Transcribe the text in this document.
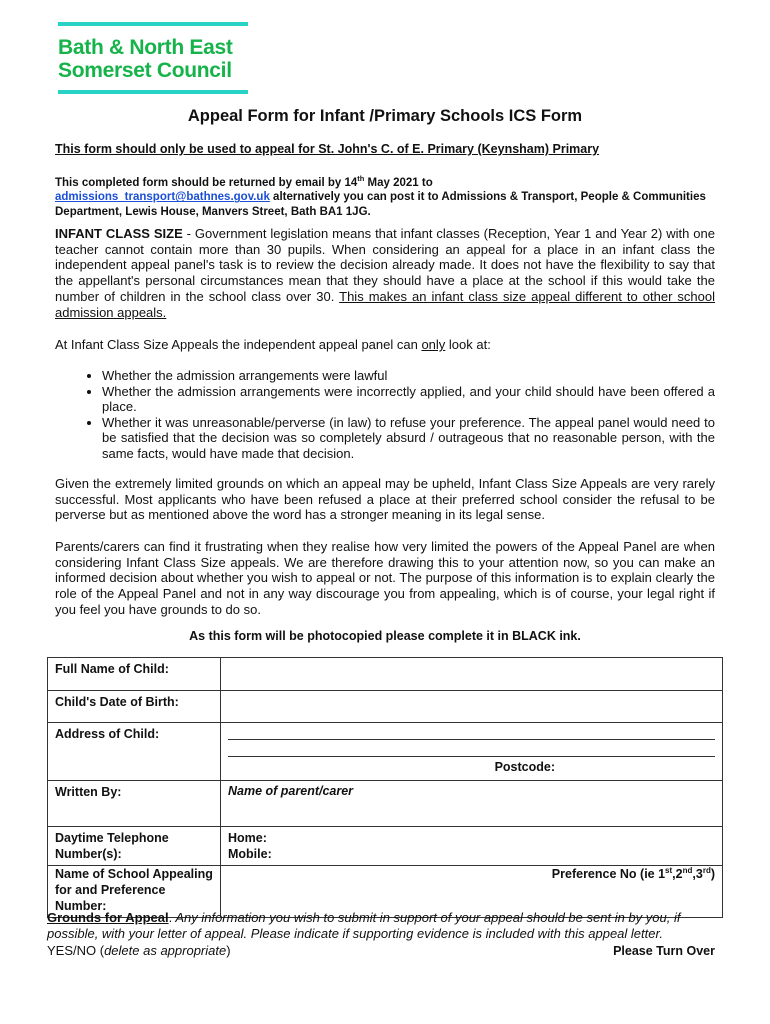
Bath & North East
Somerset Council
Appeal Form for Infant /Primary Schools ICS Form
This form should only be used to appeal for St. John's C. of E. Primary (Keynsham) Primary
This completed form should be returned by email by 14th May 2021 to
admissions_transport@bathnes.gov.uk alternatively you can post it to Admissions & Transport, People & Communities Department, Lewis House, Manvers Street, Bath BA1 1JG.
INFANT CLASS SIZE - Government legislation means that infant classes (Reception, Year 1 and Year 2) with one teacher cannot contain more than 30 pupils. When considering an appeal for a place in an infant class the independent appeal panel's task is to review the decision already made. It does not have the flexibility to say that the appellant's personal circumstances mean that they should have a place at the school if this would take the number of children in the school class over 30. This makes an infant class size appeal different to other school admission appeals.
At Infant Class Size Appeals the independent appeal panel can only look at:
• Whether the admission arrangements were lawful
• Whether the admission arrangements were incorrectly applied, and your child should have been offered a place.
• Whether it was unreasonable/perverse (in law) to refuse your preference. The appeal panel would need to be satisfied that the decision was so completely absurd / outrageous that no reasonable person, with the same facts, would have made that decision.
Given the extremely limited grounds on which an appeal may be upheld, Infant Class Size Appeals are very rarely successful. Most applicants who have been refused a place at their preferred school consider the refusal to be perverse but as mentioned above the word has a stronger meaning in its legal sense.
Parents/carers can find it frustrating when they realise how very limited the powers of the Appeal Panel are when considering Infant Class Size appeals. We are therefore drawing this to your attention now, so you can make an informed decision about whether you wish to appeal or not. The purpose of this information is to explain clearly the role of the Appeal Panel and not in any way discourage you from appealing, which is of course, your legal right if you feel you have grounds to do so.
As this form will be photocopied please complete it in BLACK ink.
Full Name of Child:	
Child's Date of Birth:	
Address of Child:	Postcode:

Written By:	Name of parent/carer
Daytime Telephone Number(s):	Home:
Mobile:

Name of School Appealing for and Preference Number:	Preference No (ie 1st,2nd,3rd)
Grounds for Appeal. Any information you wish to submit in support of your appeal should be sent in by you, if possible, with your letter of appeal. Please indicate if supporting evidence is included with this appeal letter. YES/NO (delete as appropriate)	Please Turn Over
